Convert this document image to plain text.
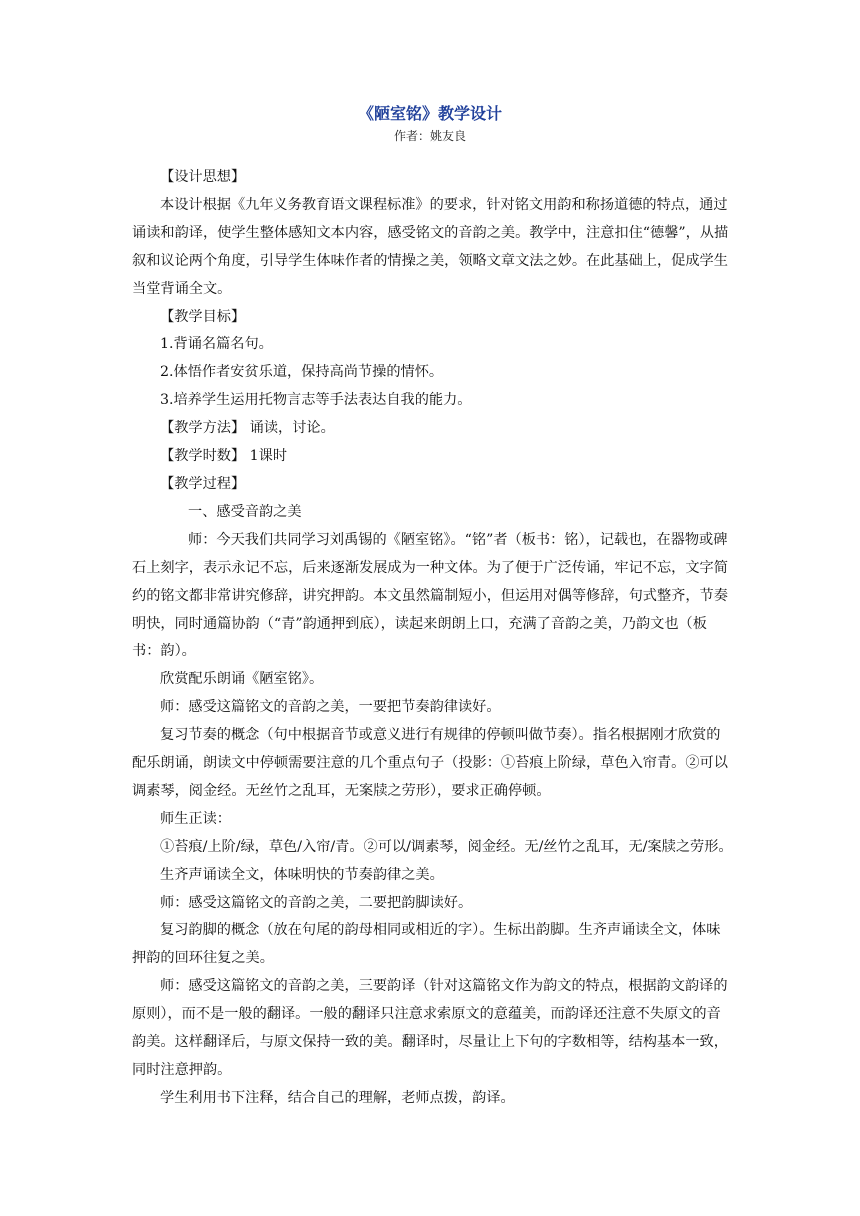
《陋室铭》教学设计

作者：姚友良

【设计思想】

本设计根据《九年义务教育语文课程标准》的要求，针对铭文用韵和称扬道德的特点，通过诵读和韵译，使学生整体感知文本内容，感受铭文的音韵之美。教学中，注意扣住“德馨”，从描叙和议论两个角度，引导学生体味作者的情操之美，领略文章文法之妙。在此基础上，促成学生当堂背诵全文。

【教学目标】

1.背诵名篇名句。

2.体悟作者安贫乐道，保持高尚节操的情怀。

3.培养学生运用托物言志等手法表达自我的能力。

【教学方法】 诵读，讨论。

【教学时数】 1课时

【教学过程】

一、感受音韵之美

师：今天我们共同学习刘禹锡的《陋室铭》。“铭”者（板书：铭），记载也，在器物或碑石上刻字，表示永记不忘，后来逐渐发展成为一种文体。为了便于广泛传诵，牢记不忘，文字简约的铭文都非常讲究修辞，讲究押韵。本文虽然篇制短小，但运用对偶等修辞，句式整齐，节奏明快，同时通篇协韵（“青”韵通押到底），读起来朗朗上口，充满了音韵之美，乃韵文也（板书：韵）。

欣赏配乐朗诵《陋室铭》。

师：感受这篇铭文的音韵之美，一要把节奏韵律读好。

复习节奏的概念（句中根据音节或意义进行有规律的停顿叫做节奏）。指名根据刚才欣赏的配乐朗诵，朗读文中停顿需要注意的几个重点句子（投影：①苔痕上阶绿，草色入帘青。②可以调素琴，阅金经。无丝竹之乱耳，无案牍之劳形），要求正确停顿。

师生正读：

①苔痕/上阶/绿，草色/入帘/青。②可以/调素琴，阅金经。无/丝竹之乱耳，无/案牍之劳形。

生齐声诵读全文，体味明快的节奏韵律之美。

师：感受这篇铭文的音韵之美，二要把韵脚读好。

复习韵脚的概念（放在句尾的韵母相同或相近的字）。生标出韵脚。生齐声诵读全文，体味押韵的回环往复之美。

师：感受这篇铭文的音韵之美，三要韵译（针对这篇铭文作为韵文的特点，根据韵文韵译的原则），而不是一般的翻译。一般的翻译只注意求索原文的意蕴美，而韵译还注意不失原文的音韵美。这样翻译后，与原文保持一致的美。翻译时，尽量让上下句的字数相等，结构基本一致，同时注意押韵。

学生利用书下注释，结合自己的理解，老师点拨，韵译。
